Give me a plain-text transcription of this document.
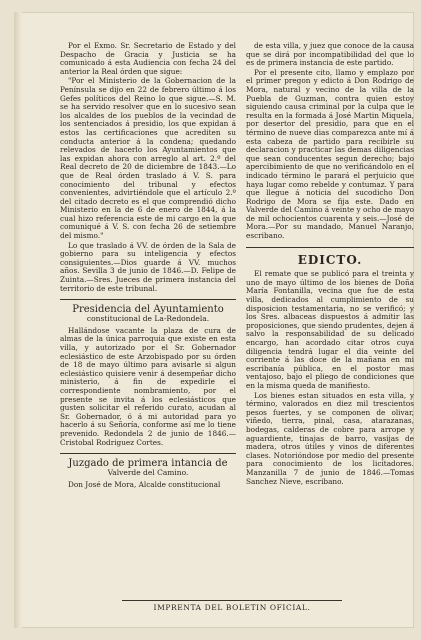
Por el Exmo. Sr. Secretario de Estado y del Despacho de Gracia y Justicia se ha comunicado á esta Audiencia con fecha 24 del anterior la Real órden que sigue:

"Por el Ministerio de la Gobernacion de la Península se dijo en 22 de febrero último á los Gefes políticos del Reino lo que sigue.—S. M. se ha servido resolver que en lo sucesivo sean los alcaldes de los pueblos de la vecindad de los sentenciados á presidio, los que expidan á estos las certificaciones que acrediten su conducta anterior á la condena; quedando relevados de hacerlo los Ayuntamientos que las expidan ahora con arreglo al art. 2.º del Real decreto de 20 de diciembre de 1843.—Lo que de Real órden traslado á V. S. para conocimiento del tribunal y efectos convenientes, advirtiéndole que el artículo 2.º del citado decreto es el que comprendió dicho Ministerio en la de 6 de enero de 1844, á la cual hizo referencia este de mi cargo en la que comuniqué á V. S. con fecha 26 de setiembre del mismo."

Lo que traslado á VV. de órden de la Sala de gobierno para su inteligencia y efectos consiguientes.—Dios guarde á VV. muchos años. Sevilla 3 de junio de 1846.—D. Felipe de Zuinta.—Sres. Jueces de primera instancia del territorio de este tribunal.

Presidencia del Ayuntamiento
constitucional de La-Redondela.

Hallándose vacante la plaza de cura de almas de la única parroquia que existe en esta villa, y autorizado por el Sr. Gobernador eclesiástico de este Arzobispado por su órden de 18 de mayo último para avisarle si algun eclesiástico quisiere venir á desempeñar dicho ministerio, á fin de expedirle el correspondiente nombramiento, por el presente se invita á los eclesiásticos que gusten solicitar el referido curato, acudan al Sr. Gobernador, ó á mi autoridad para yo hacerlo á su Señoría, conforme así me lo tiene prevenido. Redondela 2 de junio de 1846.—Cristobal Rodriguez Cortes.

Juzgado de primera intancia de
Valverde del Camino.

Don José de Mora, Alcalde constitucional

de esta villa, y juez que conoce de la causa que se dirá por incompatibilidad del que lo es de primera instancia de este partido.

Por el presente cito, llamo y emplazo por el primer pregon y edicto á Don Rodrigo de Mora, natural y vecino de la villa de la Puebla de Guzman, contra quien estoy siguiendo causa criminal por la culpa que le resulta en la formada á José Martin Miquela, por desertor del presidio, para que en el término de nueve dias comparezca ante mí á esta cabeza de partido para recibirle su declaracion y practicar las demas diligencias que sean conducentes segun derecho; bajo apercibimiento de que no verificándolo en el indicado término le parará el perjuicio que haya lugar como rebelde y contumaz. Y para que llegue á noticia del sucodicho Don Rodrigo de Mora se fija este. Dado en Valverde del Camino á veinte y ocho de mayo de mil ochocientos cuarenta y seis.—José de Mora.—Por su mandado, Manuel Naranjo, escribano.

EDICTO.

El remate que se publicó para el treinta y uno de mayo último de los bienes de Doña María Fontanilla, vecina que fue de esta villa, dedicados al cumplimiento de su disposicion testamentaria, no se verificó; y los Sres. albaceas dispuestos á admitir las proposiciones, que siendo prudentes, dejen á salvo la responsabilidad de su delicado encargo, han acordado citar otros cuya diligencia tendrá lugar el dia veinte del corriente á las doce de la mañana en mi escribanía pública, en el postor mas ventajoso, bajo el pliego de condiciones que en la misma queda de manifiesto.

Los bienes estan situados en esta villa, y término, valorados en diez mil trescientos pesos fuertes, y se componen de olivar, viñedo, tierra, pinal, casa, atarazanas, bodegas, calderas de cobre para arrope y aguardiente, tinajas de barro, vasijas de madera, otros útiles y vinos de diferentes clases. Notorióndose por medio del presente para conocimiento de los licitadores. Manzanilla 7 de junio de 1846.—Tomas Sanchez Nieve, escribano.

IMPRENTA DEL BOLETIN OFICIAL.
